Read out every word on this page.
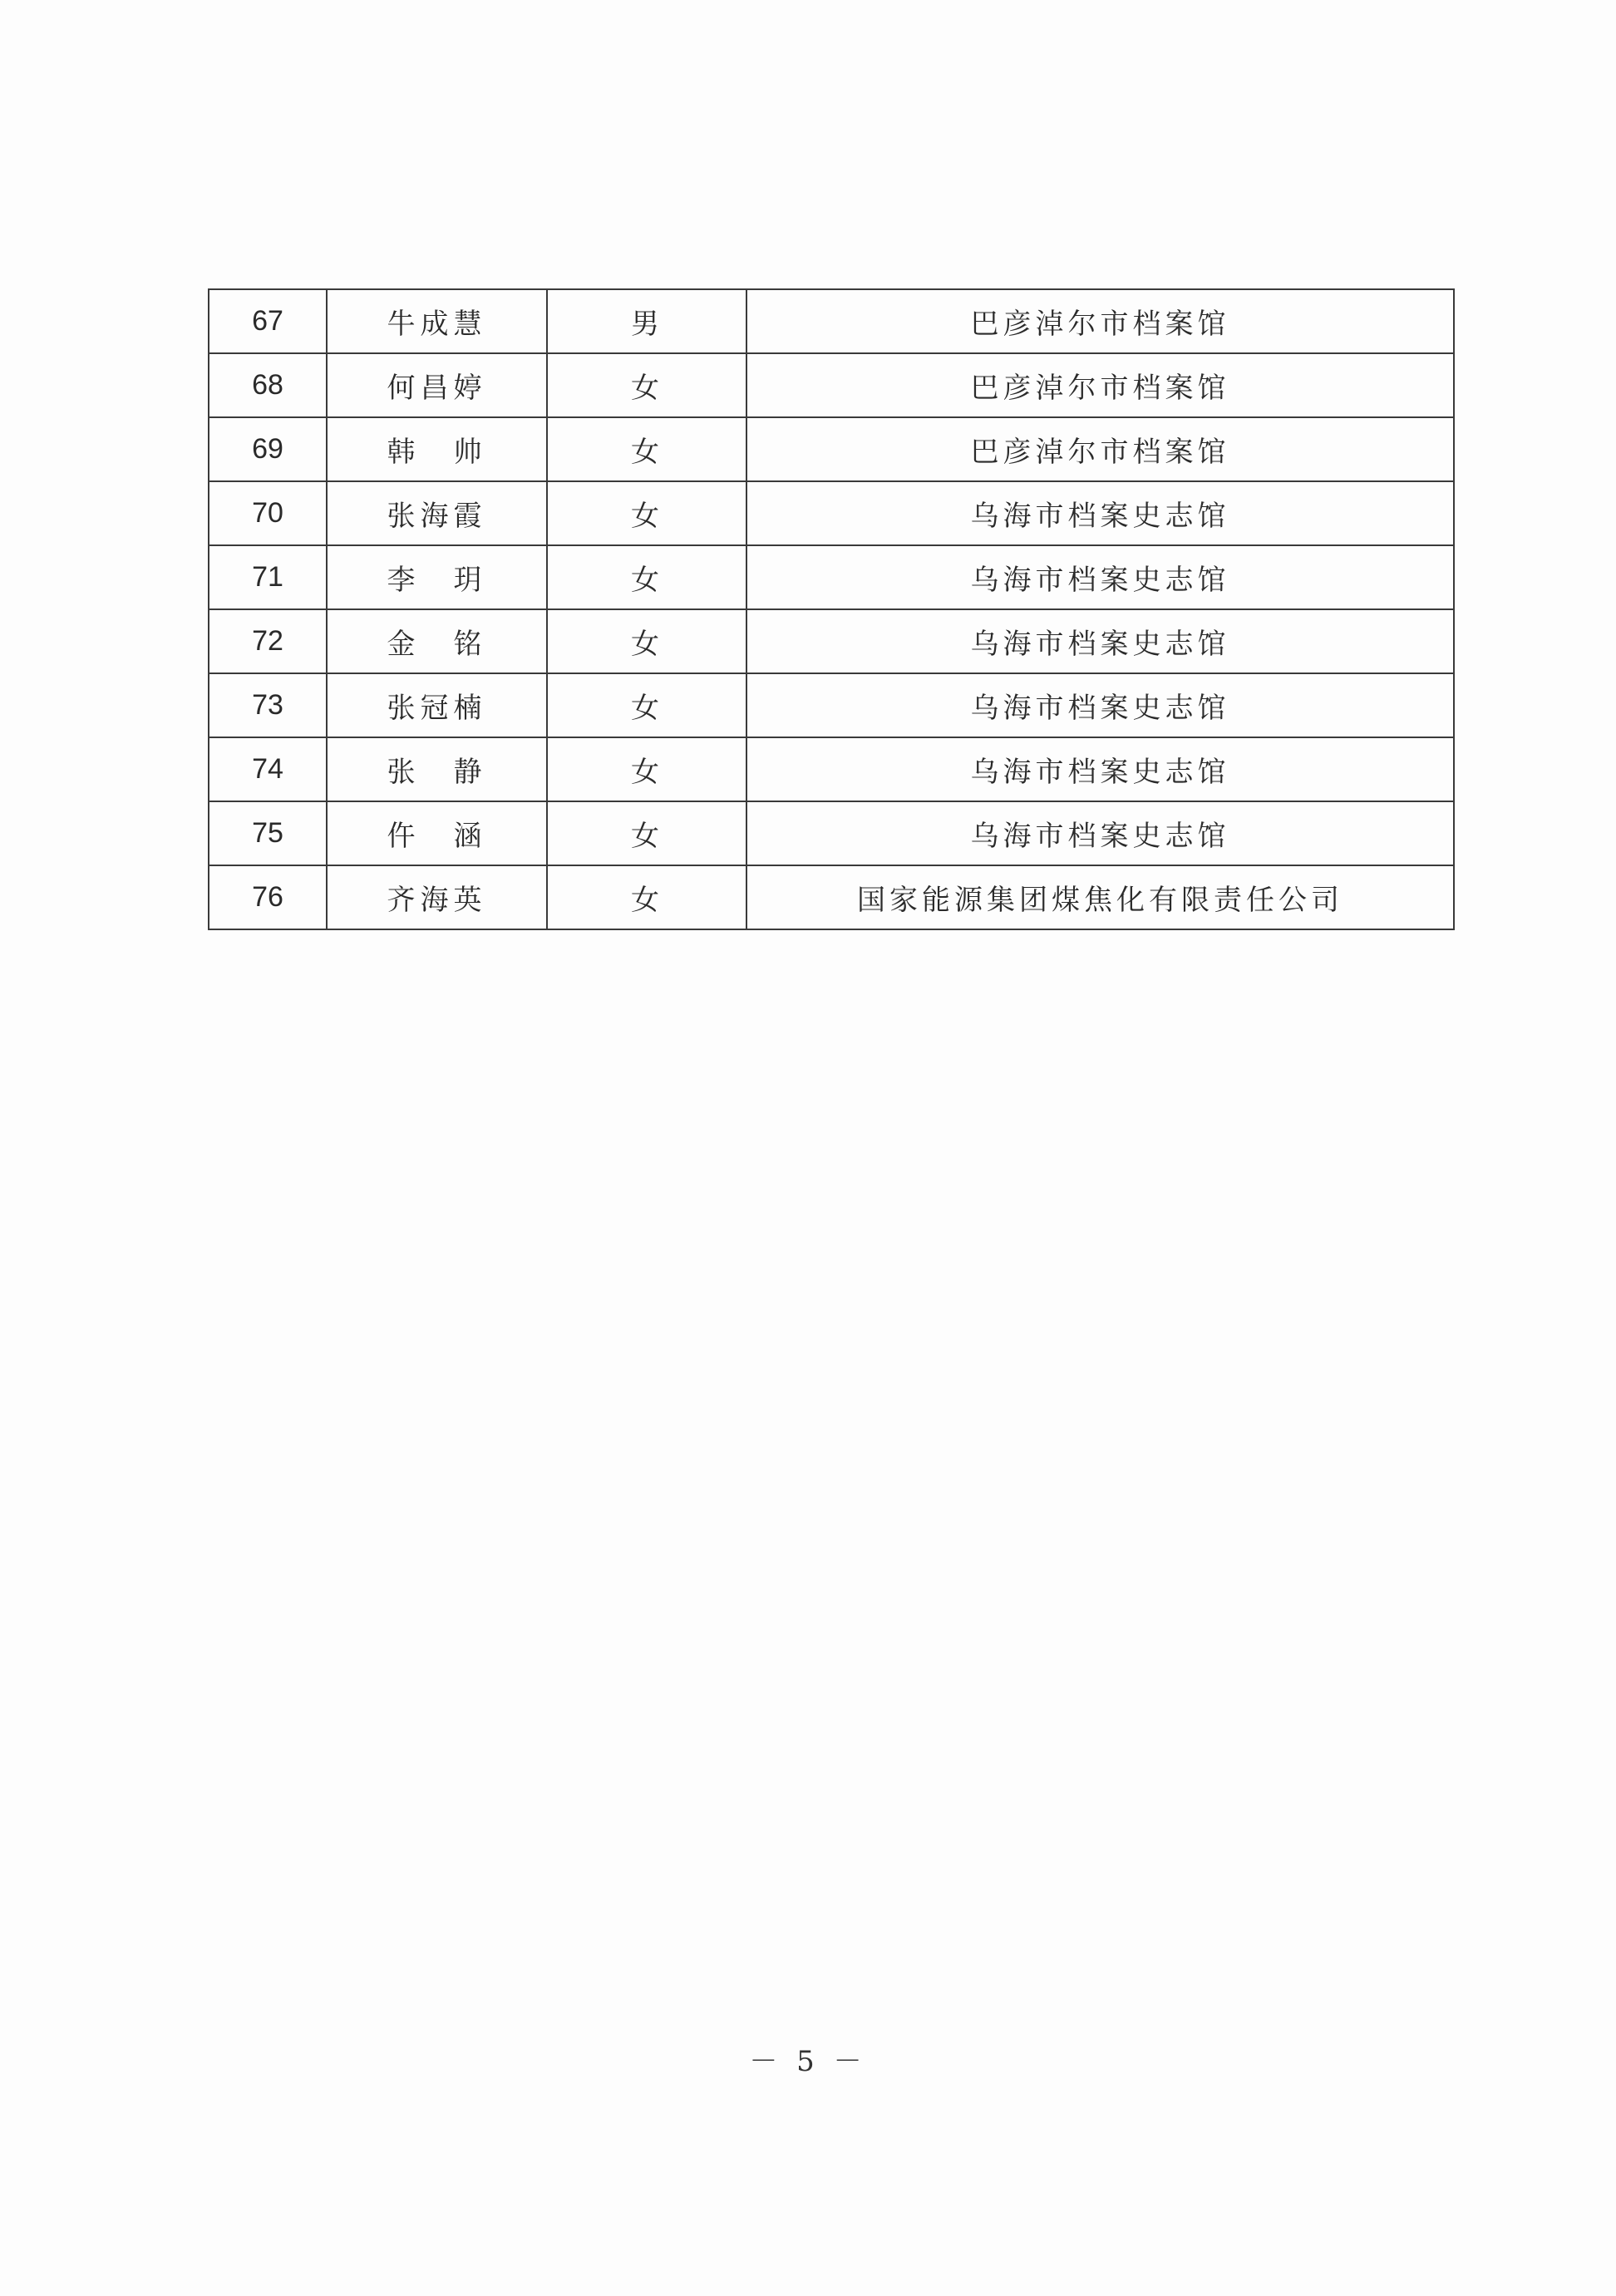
67	牛成慧	男	巴彦淖尔市档案馆
68	何昌婷	女	巴彦淖尔市档案馆
69	韩　帅	女	巴彦淖尔市档案馆
70	张海霞	女	乌海市档案史志馆
71	李　玥	女	乌海市档案史志馆
72	金　铭	女	乌海市档案史志馆
73	张冠楠	女	乌海市档案史志馆
74	张　静	女	乌海市档案史志馆
75	仵　涵	女	乌海市档案史志馆
76	齐海英	女	国家能源集团煤焦化有限责任公司
－ 5 －
